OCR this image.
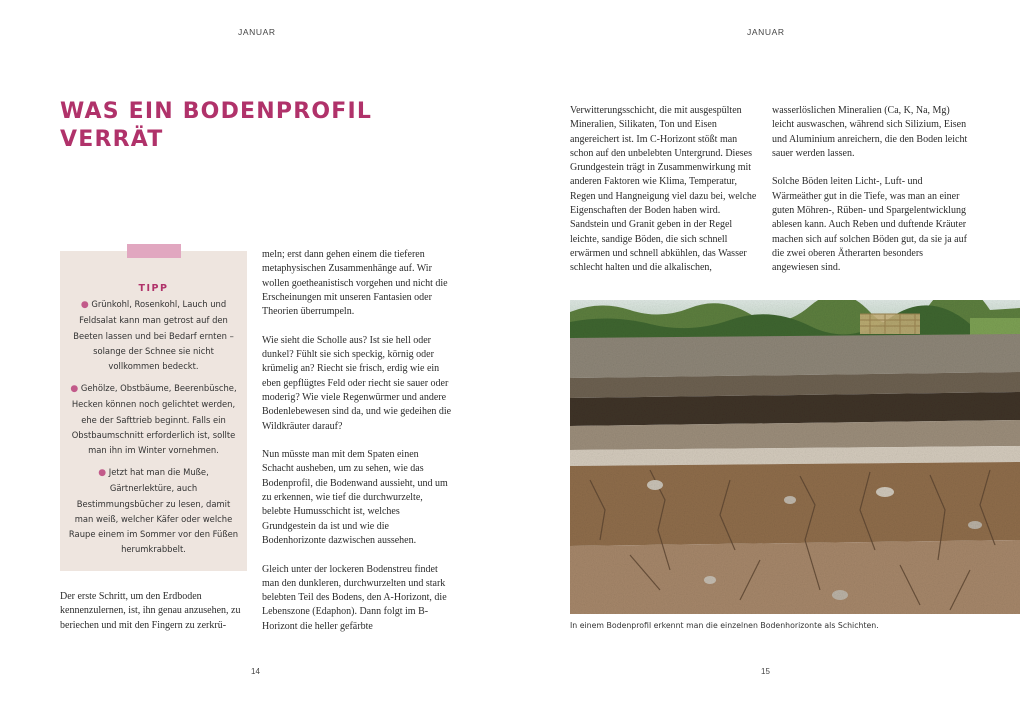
JANUAR
WAS EIN BODENPROFIL
VERRÄT
TIPP
● Grünkohl, Rosenkohl, Lauch und Feldsalat kann man getrost auf den Beeten lassen und bei Bedarf ernten – solange der Schnee sie nicht vollkommen bedeckt.
● Gehölze, Obstbäume, Beerenbüsche, Hecken können noch gelichtet werden, ehe der Safttrieb beginnt. Falls ein Obstbaumschnitt erforderlich ist, sollte man ihn im Winter vornehmen.
● Jetzt hat man die Muße, Gärtnerlektüre, auch Bestimmungsbücher zu lesen, damit man weiß, welcher Käfer oder welche Raupe einem im Sommer vor den Füßen herumkrabbelt.

Der erste Schritt, um den Erdboden kennenzulernen, ist, ihn genau anzusehen, zu beriechen und mit den Fingern zu zerkrü-

meln; erst dann gehen einem die tieferen metaphysischen Zusammenhänge auf. Wir wollen goetheanistisch vorgehen und nicht die Erscheinungen mit unseren Fantasien oder Theorien überrumpeln.

Wie sieht die Scholle aus? Ist sie hell oder dunkel? Fühlt sie sich speckig, körnig oder krümelig an? Riecht sie frisch, erdig wie ein eben gepflügtes Feld oder riecht sie sauer oder moderig? Wie viele Regenwürmer und andere Bodenlebewesen sind da, und wie gedeihen die Wildkräuter darauf?

Nun müsste man mit dem Spaten einen Schacht ausheben, um zu sehen, wie das Bodenprofil, die Bodenwand aussieht, und um zu erkennen, wie tief die durchwurzelte, belebte Humusschicht ist, welches Grundgestein da ist und wie die Bodenhorizonte dazwischen aussehen.

Gleich unter der lockeren Bodenstreu findet man den dunkleren, durchwurzelten und stark belebten Teil des Bodens, den A-Horizont, die Lebenszone (Edaphon). Dann folgt im B-Horizont die heller gefärbte

14
JANUAR

Verwitterungsschicht, die mit ausgespülten Mineralien, Silikaten, Ton und Eisen angereichert ist. Im C-Horizont stößt man schon auf den unbelebten Untergrund. Dieses Grundgestein trägt in Zusammenwirkung mit anderen Faktoren wie Klima, Temperatur, Regen und Hangneigung viel dazu bei, welche Eigenschaften der Boden haben wird. Sandstein und Granit geben in der Regel leichte, sandige Böden, die sich schnell erwärmen und schnell abkühlen, das Wasser schlecht halten und die alkalischen,

wasserlöslichen Mineralien (Ca, K, Na, Mg) leicht auswaschen, während sich Silizium, Eisen und Aluminium anreichern, die den Boden leicht sauer werden lassen.

Solche Böden leiten Licht-, Luft- und Wärmeäther gut in die Tiefe, was man an einer guten Möhren-, Rüben- und Spargelentwicklung ablesen kann. Auch Reben und duftende Kräuter machen sich auf solchen Böden gut, da sie ja auf die zwei oberen Ätherarten besonders angewiesen sind.

15
In einem Bodenprofil erkennt man die einzelnen Bodenhorizonte als Schichten.
